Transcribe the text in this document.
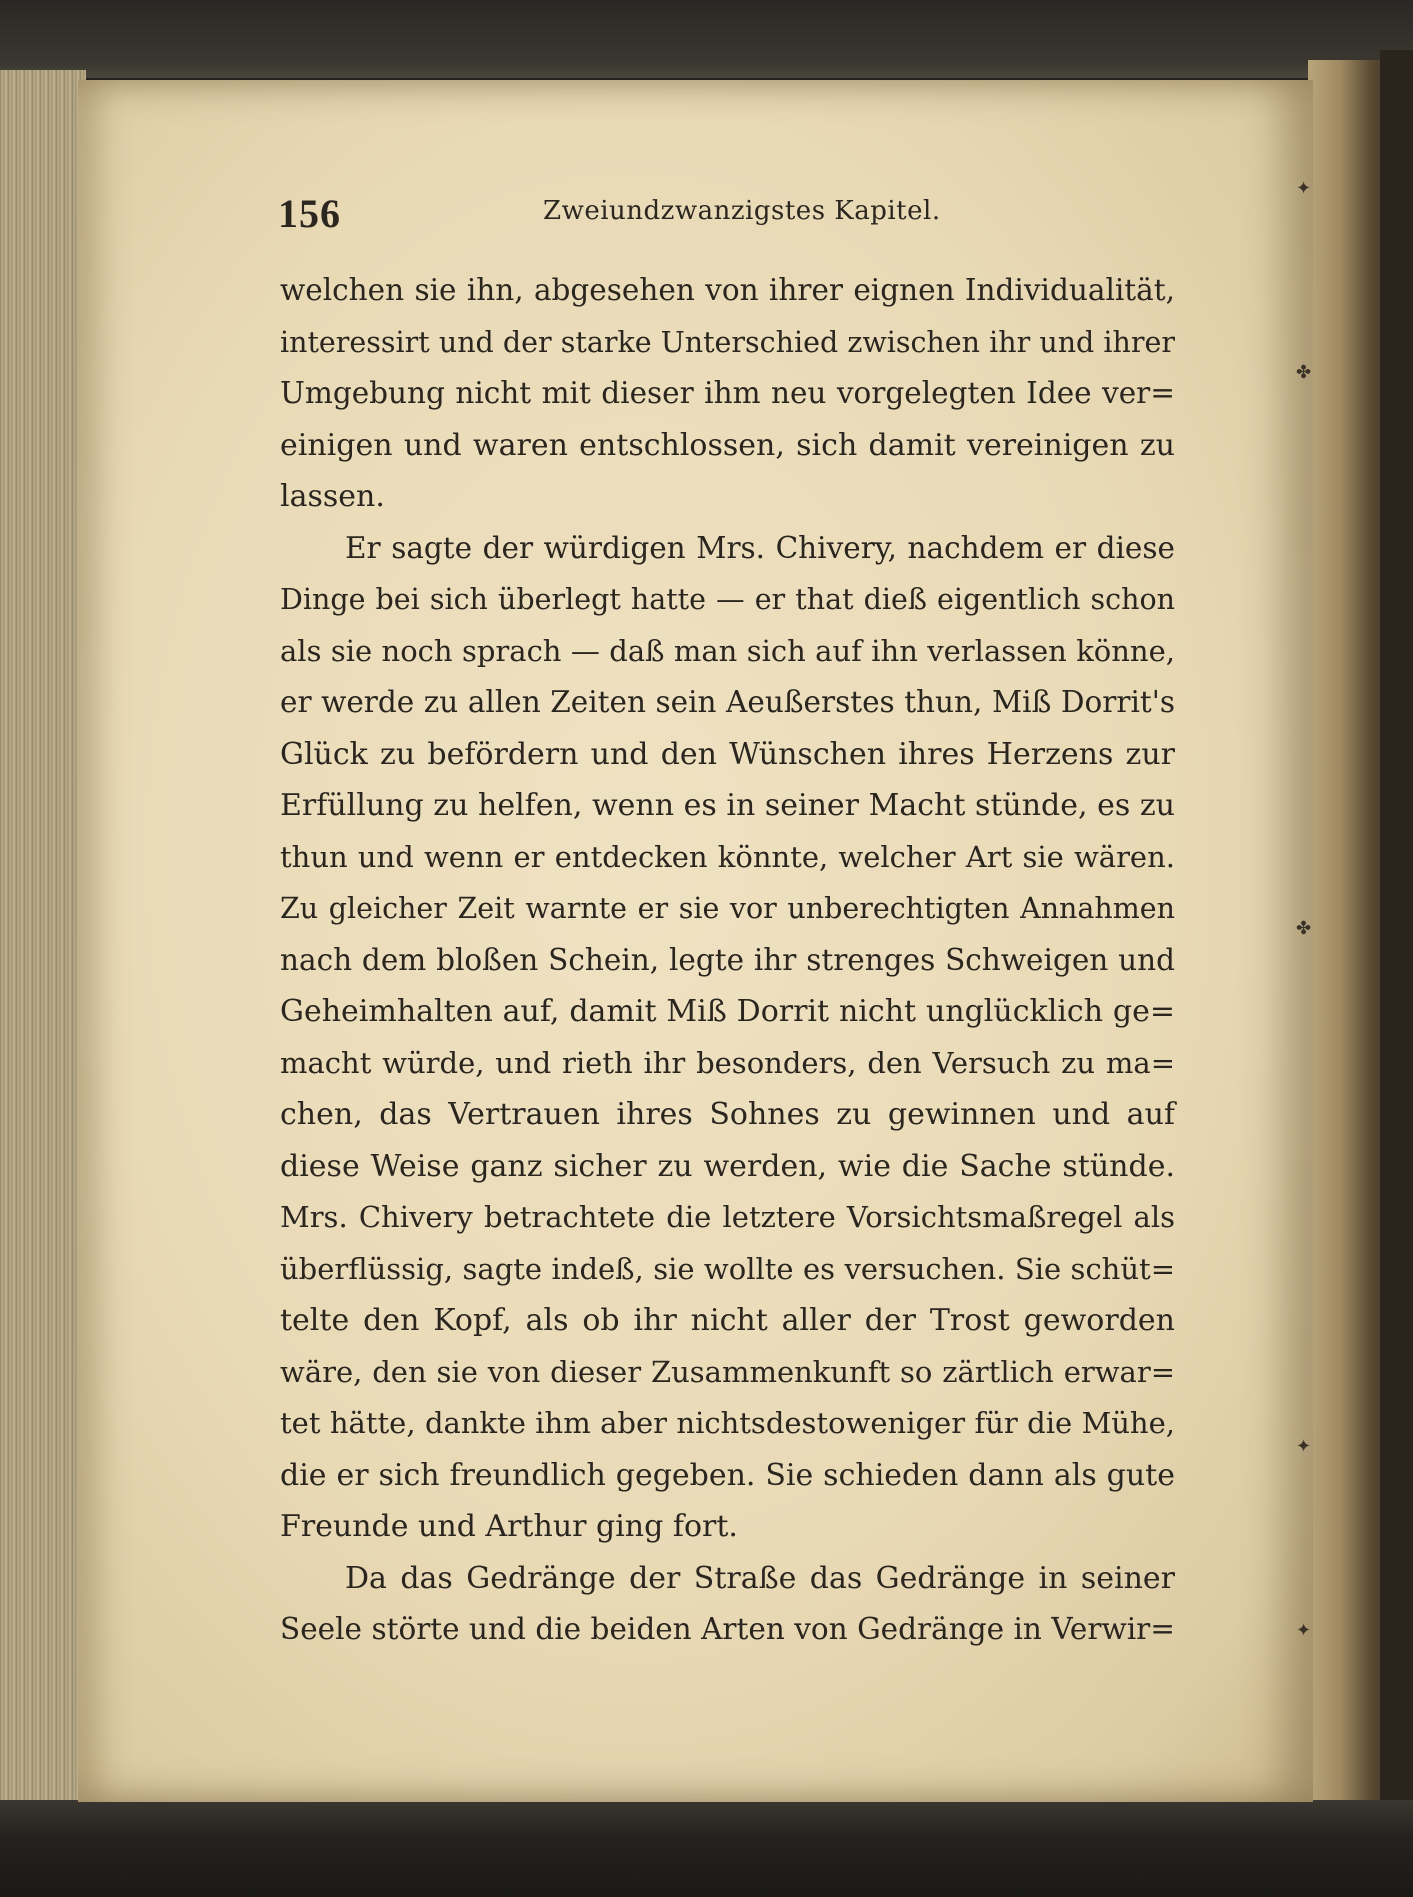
✦
✤
✤
✦
✦
156	Zweiundzwanzigstes Kapitel.
welchen sie ihn, abgesehen von ihrer eignen Individualität,
interessirt und der starke Unterschied zwischen ihr und ihrer
Umgebung nicht mit dieser ihm neu vorgelegten Idee ver=
einigen und waren entschlossen, sich damit vereinigen zu
lassen.
Er sagte der würdigen Mrs. Chivery, nachdem er diese
Dinge bei sich überlegt hatte — er that dieß eigentlich schon
als sie noch sprach — daß man sich auf ihn verlassen könne,
er werde zu allen Zeiten sein Aeußerstes thun, Miß Dorrit's
Glück zu befördern und den Wünschen ihres Herzens zur
Erfüllung zu helfen, wenn es in seiner Macht stünde, es zu
thun und wenn er entdecken könnte, welcher Art sie wären.
Zu gleicher Zeit warnte er sie vor unberechtigten Annahmen
nach dem bloßen Schein, legte ihr strenges Schweigen und
Geheimhalten auf, damit Miß Dorrit nicht unglücklich ge=
macht würde, und rieth ihr besonders, den Versuch zu ma=
chen, das Vertrauen ihres Sohnes zu gewinnen und auf
diese Weise ganz sicher zu werden, wie die Sache stünde.
Mrs. Chivery betrachtete die letztere Vorsichtsmaßregel als
überflüssig, sagte indeß, sie wollte es versuchen. Sie schüt=
telte den Kopf, als ob ihr nicht aller der Trost geworden
wäre, den sie von dieser Zusammenkunft so zärtlich erwar=
tet hätte, dankte ihm aber nichtsdestoweniger für die Mühe,
die er sich freundlich gegeben. Sie schieden dann als gute
Freunde und Arthur ging fort.
Da das Gedränge der Straße das Gedränge in seiner
Seele störte und die beiden Arten von Gedränge in Verwir=
